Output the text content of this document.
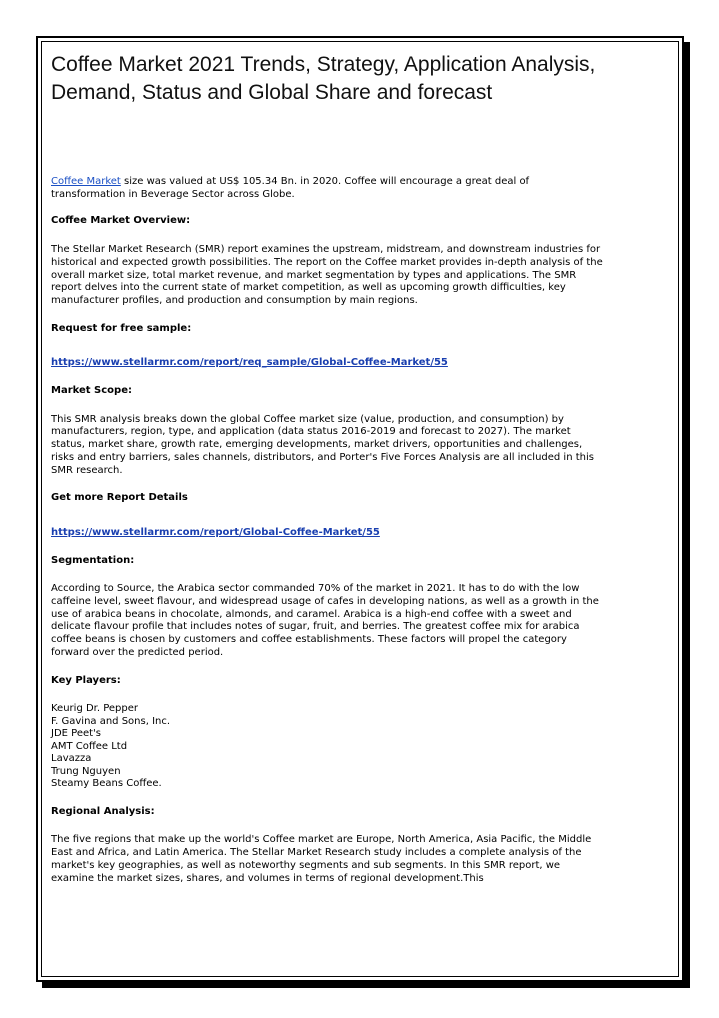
Coffee Market 2021 Trends, Strategy, Application Analysis, Demand, Status and Global Share and forecast

Coffee Market size was valued at US$ 105.34 Bn. in 2020. Coffee will encourage a great deal of transformation in Beverage Sector across Globe.

Coffee Market Overview:

The Stellar Market Research (SMR) report examines the upstream, midstream, and downstream industries for historical and expected growth possibilities. The report on the Coffee market provides in-depth analysis of the overall market size, total market revenue, and market segmentation by types and applications. The SMR report delves into the current state of market competition, as well as upcoming growth difficulties, key manufacturer profiles, and production and consumption by main regions.

Request for free sample:

https://www.stellarmr.com/report/req_sample/Global-Coffee-Market/55

Market Scope:

This SMR analysis breaks down the global Coffee market size (value, production, and consumption) by manufacturers, region, type, and application (data status 2016-2019 and forecast to 2027). The market status, market share, growth rate, emerging developments, market drivers, opportunities and challenges, risks and entry barriers, sales channels, distributors, and Porter's Five Forces Analysis are all included in this SMR research.

Get more Report Details

https://www.stellarmr.com/report/Global-Coffee-Market/55

Segmentation:

According to Source, the Arabica sector commanded 70% of the market in 2021. It has to do with the low caffeine level, sweet flavour, and widespread usage of cafes in developing nations, as well as a growth in the use of arabica beans in chocolate, almonds, and caramel. Arabica is a high-end coffee with a sweet and delicate flavour profile that includes notes of sugar, fruit, and berries. The greatest coffee mix for arabica coffee beans is chosen by customers and coffee establishments. These factors will propel the category forward over the predicted period.

Key Players:

Keurig Dr. Pepper
F. Gavina and Sons, Inc.
JDE Peet's
AMT Coffee Ltd
Lavazza
Trung Nguyen
Steamy Beans Coffee.

Regional Analysis:

The five regions that make up the world's Coffee market are Europe, North America, Asia Pacific, the Middle East and Africa, and Latin America. The Stellar Market Research study includes a complete analysis of the market's key geographies, as well as noteworthy segments and sub segments. In this SMR report, we examine the market sizes, shares, and volumes in terms of regional development.This
